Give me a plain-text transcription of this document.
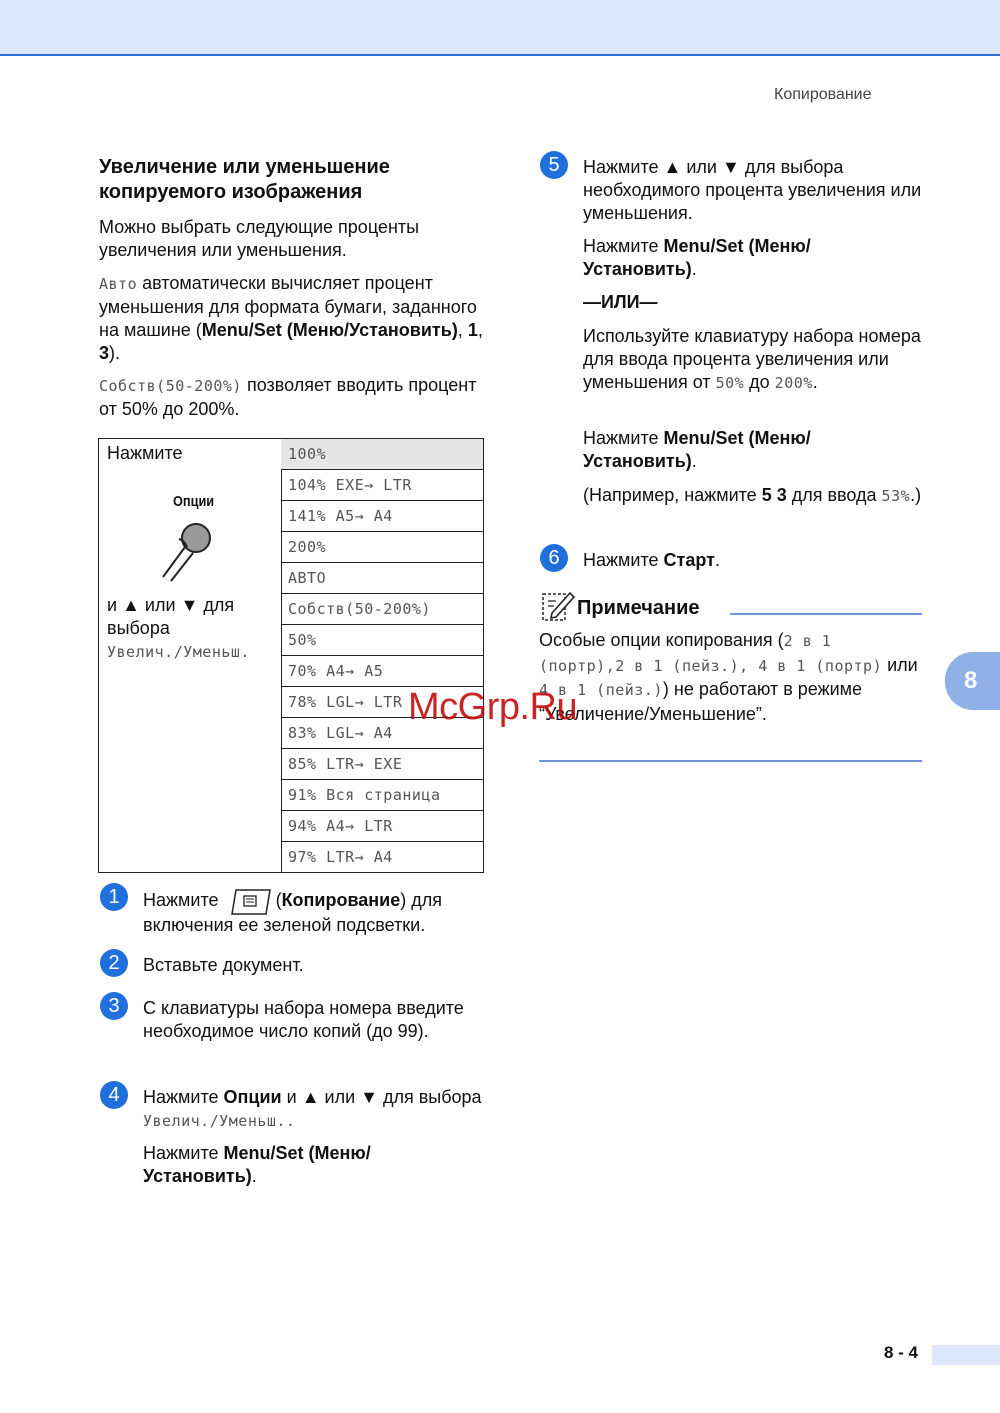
Копирование
Увеличение или уменьшение копируемого изображения

Можно выбрать следующие проценты увеличения или уменьшения.

Авто автоматически вычисляет процент уменьшения для формата бумаги, заданного на машине (Menu/Set (Меню/Установить), 1, 3).

Собств(50-200%) позволяет вводить процент от 50% до 200%.

Нажмите
Опции
и ▲ или ▼ для
выбора
Увелич./Уменьш.
100%
104% EXE→ LTR
141% A5→ A4
200%
АВТО
Собств(50-200%)
50%
70% A4→ A5
78% LGL→ LTR
83% LGL→ A4
85% LTR→ EXE
91% Вся страница
94% A4→ LTR
97% LTR→ A4
1	Нажмите	(Копирование) для включения ее зеленой подсветки.

2	Вставьте документ.

3	С клавиатуры набора номера введите необходимое число копий (до 99).

4	Нажмите Опции и ▲ или ▼ для выбора Увелич./Уменьш..

Нажмите Menu/Set (Меню/Установить).

5	Нажмите ▲ или ▼ для выбора необходимого процента увеличения или уменьшения.

Нажмите Menu/Set (Меню/Установить).

—ИЛИ—

Используйте клавиатуру набора номера для ввода процента увеличения или уменьшения от 50% до 200%.

Нажмите Menu/Set (Меню/Установить).

(Например, нажмите 5 3 для ввода 53%.)

6	Нажмите Старт.

Примечание

Особые опции копирования (2 в 1 (портр),2 в 1 (пейз.), 4 в 1 (портр) или 4 в 1 (пейз.)) не работают в режиме “Увеличение/Уменьшение”.

8
8 - 4
McGrp.Ru
